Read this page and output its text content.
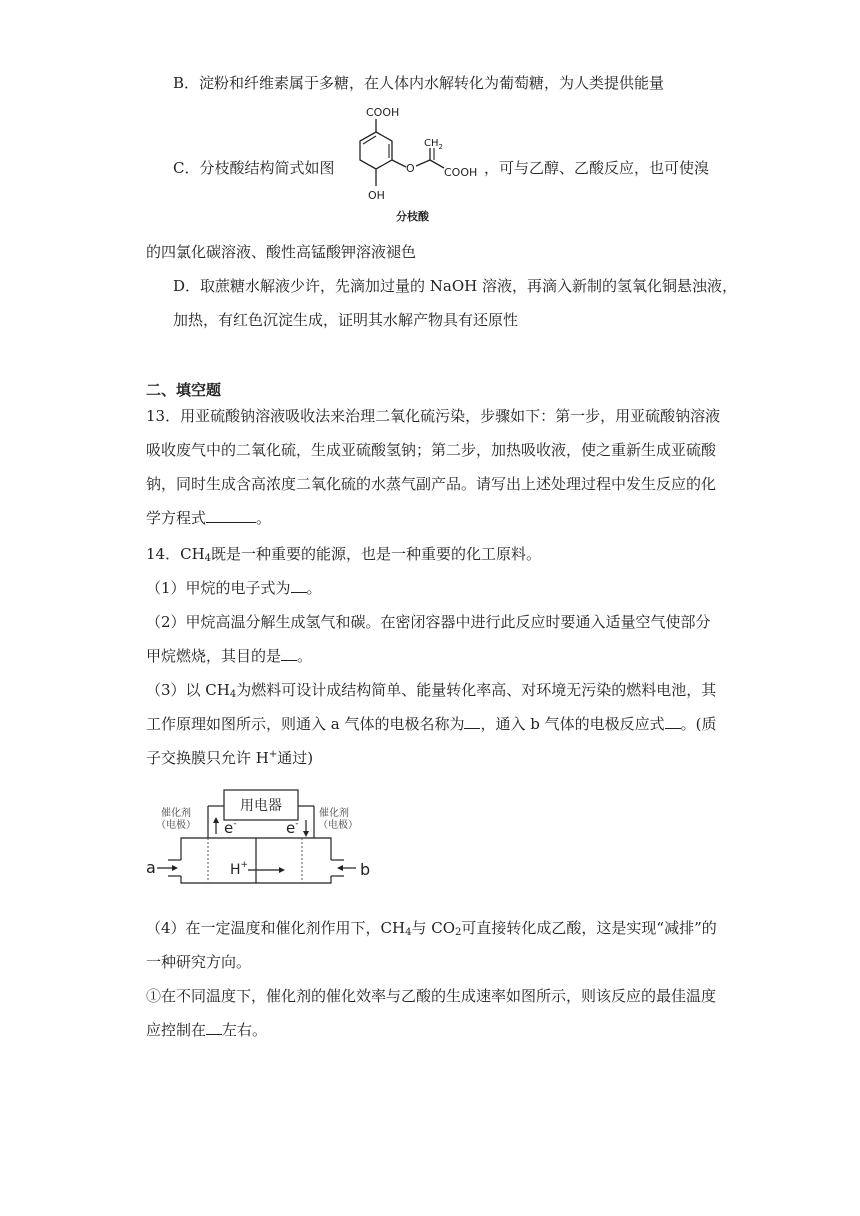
B．淀粉和纤维素属于多糖，在人体内水解转化为葡萄糖，为人类提供能量
C．分枝酸结构简式如图
COOH
O
$CH_2$
COOH
OH
分枝酸
，可与乙醇、乙酸反应，也可使溴
的四氯化碳溶液、酸性高锰酸钾溶液褪色
D．取蔗糖水解液少许，先滴加过量的 NaOH 溶液，再滴入新制的氢氧化铜悬浊液，
加热，有红色沉淀生成，证明其水解产物具有还原性
二、填空题
13．用亚硫酸钠溶液吸收法来治理二氧化硫污染，步骤如下：第一步，用亚硫酸钠溶液
吸收废气中的二氧化硫，生成亚硫酸氢钠；第二步，加热吸收液，使之重新生成亚硫酸
钠，同时生成含高浓度二氧化硫的水蒸气副产品。请写出上述处理过程中发生反应的化
学方程式	。
14．$CH_4$既是一种重要的能源，也是一种重要的化工原料。
（1）甲烷的电子式为 。
（2）甲烷高温分解生成氢气和碳。在密闭容器中进行此反应时要通入适量空气使部分
甲烷燃烧，其目的是 。
（3）以 $CH_4$为燃料可设计成结构简单、能量转化率高、对环境无污染的燃料电池，其
工作原理如图所示，则通入 a 气体的电极名称为 ，通入 b 气体的电极反应式 。(质
子交换膜只允许 H+通过)
用电器
催化剂
（电极）
催化剂
（电极）
e-	e-
H+
a	b
（4）在一定温度和催化剂作用下，$CH_4$与 $CO_2$可直接转化成乙酸，这是实现“减排”的
一种研究方向。
①在不同温度下，催化剂的催化效率与乙酸的生成速率如图所示，则该反应的最佳温度
应控制在 左右。
